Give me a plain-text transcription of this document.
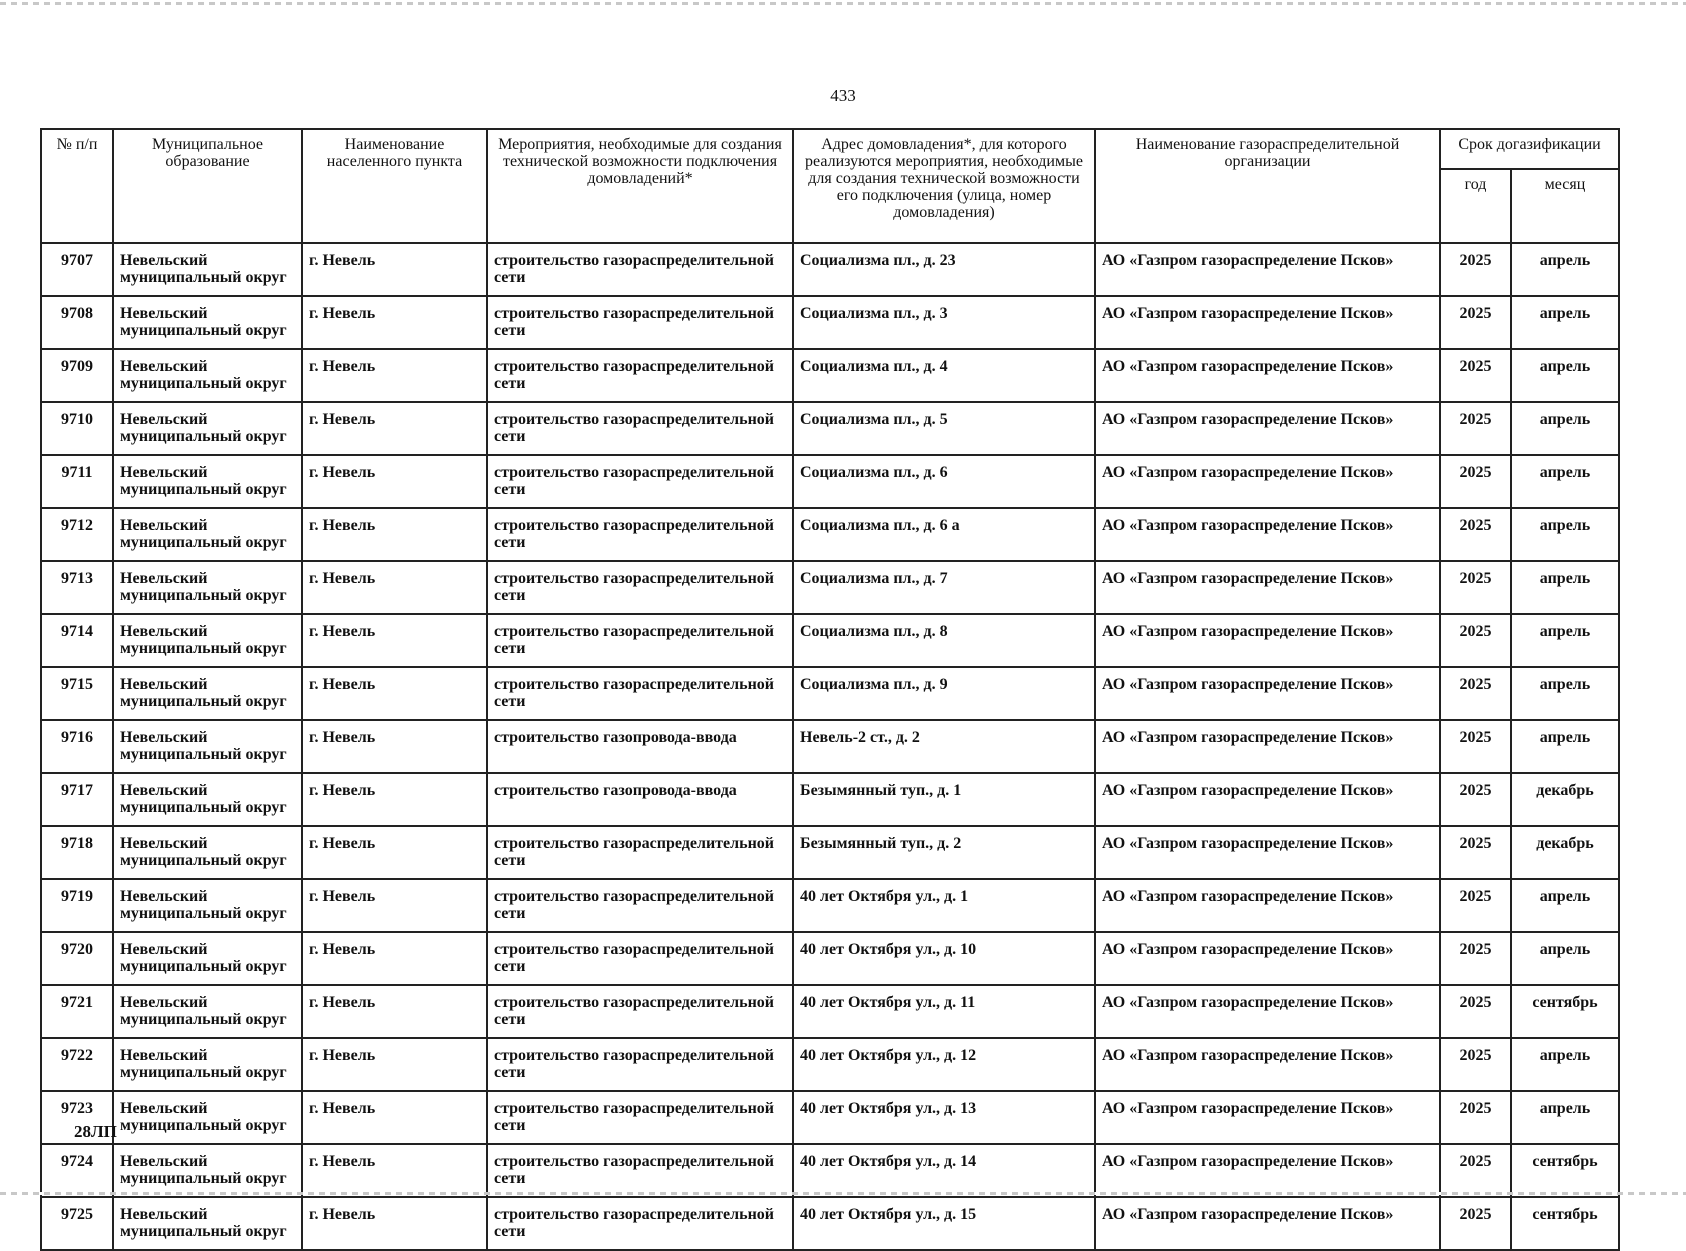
433
№ п/п	Муниципальное образование	Наименование населенного пункта	Мероприятия, необходимые для создания технической возможности подключения домовладений*	Адрес домовладения*, для которого реализуются мероприятия, необходимые для создания технической возможности его подключения (улица, номер домовладения)	Наименование газораспределительной организации	Срок догазификации	
						год	месяц
9707	Невельский муниципальный округ	г. Невель	строительство газораспределительной сети	Социализма пл., д. 23	АО «Газпром газораспределение Псков»	2025	апрель
9708	Невельский муниципальный округ	г. Невель	строительство газораспределительной сети	Социализма пл., д. 3	АО «Газпром газораспределение Псков»	2025	апрель
9709	Невельский муниципальный округ	г. Невель	строительство газораспределительной сети	Социализма пл., д. 4	АО «Газпром газораспределение Псков»	2025	апрель
9710	Невельский муниципальный округ	г. Невель	строительство газораспределительной сети	Социализма пл., д. 5	АО «Газпром газораспределение Псков»	2025	апрель
9711	Невельский муниципальный округ	г. Невель	строительство газораспределительной сети	Социализма пл., д. 6	АО «Газпром газораспределение Псков»	2025	апрель
9712	Невельский муниципальный округ	г. Невель	строительство газораспределительной сети	Социализма пл., д. 6 а	АО «Газпром газораспределение Псков»	2025	апрель
9713	Невельский муниципальный округ	г. Невель	строительство газораспределительной сети	Социализма пл., д. 7	АО «Газпром газораспределение Псков»	2025	апрель
9714	Невельский муниципальный округ	г. Невель	строительство газораспределительной сети	Социализма пл., д. 8	АО «Газпром газораспределение Псков»	2025	апрель
9715	Невельский муниципальный округ	г. Невель	строительство газораспределительной сети	Социализма пл., д. 9	АО «Газпром газораспределение Псков»	2025	апрель
9716	Невельский муниципальный округ	г. Невель	строительство газопровода-ввода	Невель-2 ст., д. 2	АО «Газпром газораспределение Псков»	2025	апрель
9717	Невельский муниципальный округ	г. Невель	строительство газопровода-ввода	Безымянный туп., д. 1	АО «Газпром газораспределение Псков»	2025	декабрь
9718	Невельский муниципальный округ	г. Невель	строительство газораспределительной сети	Безымянный туп., д. 2	АО «Газпром газораспределение Псков»	2025	декабрь
9719	Невельский муниципальный округ	г. Невель	строительство газораспределительной сети	40 лет Октября ул., д. 1	АО «Газпром газораспределение Псков»	2025	апрель
9720	Невельский муниципальный округ	г. Невель	строительство газораспределительной сети	40 лет Октября ул., д. 10	АО «Газпром газораспределение Псков»	2025	апрель
9721	Невельский муниципальный округ	г. Невель	строительство газораспределительной сети	40 лет Октября ул., д. 11	АО «Газпром газораспределение Псков»	2025	сентябрь
9722	Невельский муниципальный округ	г. Невель	строительство газораспределительной сети	40 лет Октября ул., д. 12	АО «Газпром газораспределение Псков»	2025	апрель
9723	Невельский муниципальный округ	г. Невель	строительство газораспределительной сети	40 лет Октября ул., д. 13	АО «Газпром газораспределение Псков»	2025	апрель
9724	Невельский муниципальный округ	г. Невель	строительство газораспределительной сети	40 лет Октября ул., д. 14	АО «Газпром газораспределение Псков»	2025	сентябрь
9725	Невельский муниципальный округ	г. Невель	строительство газораспределительной сети	40 лет Октября ул., д. 15	АО «Газпром газораспределение Псков»	2025	сентябрь
28ЛП
